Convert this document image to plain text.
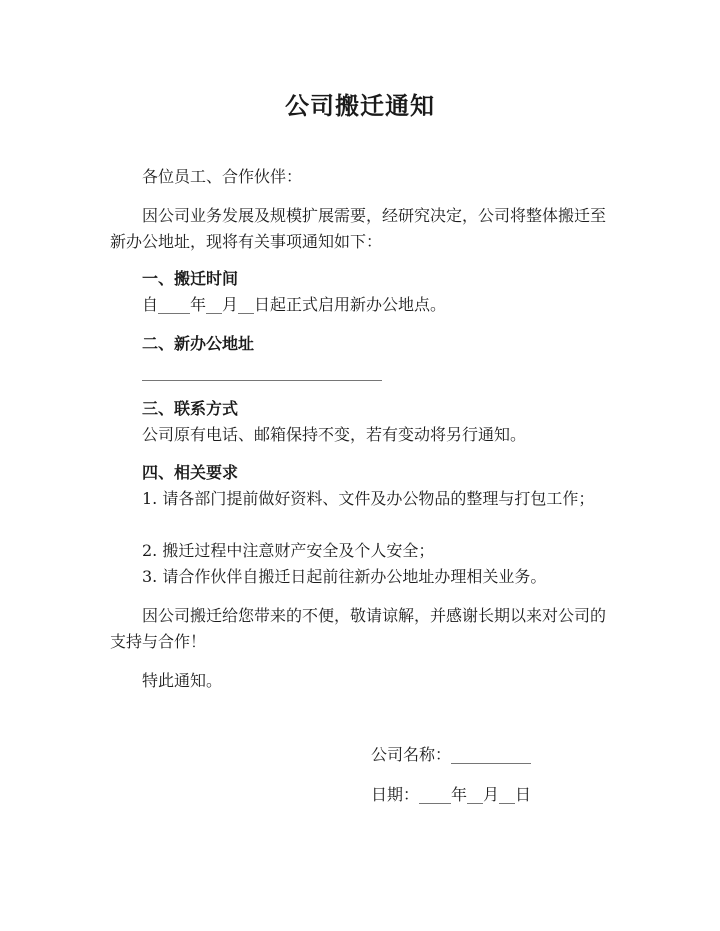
公司搬迁通知

各位员工、合作伙伴：

因公司业务发展及规模扩展需要，经研究决定，公司将整体搬迁至新办公地址，现将有关事项通知如下：

一、搬迁时间
自____年__月__日起正式启用新办公地点。
二、新办公地址
______________________________
三、联系方式
公司原有电话、邮箱保持不变，若有变动将另行通知。
四、相关要求

1. 请各部门提前做好资料、文件及办公物品的整理与打包工作；

2. 搬迁过程中注意财产安全及个人安全；
3. 请合作伙伴自搬迁日起前往新办公地址办理相关业务。

因公司搬迁给您带来的不便，敬请谅解，并感谢长期以来对公司的支持与合作！

特此通知。
公司名称：__________
日期：____年__月__日
